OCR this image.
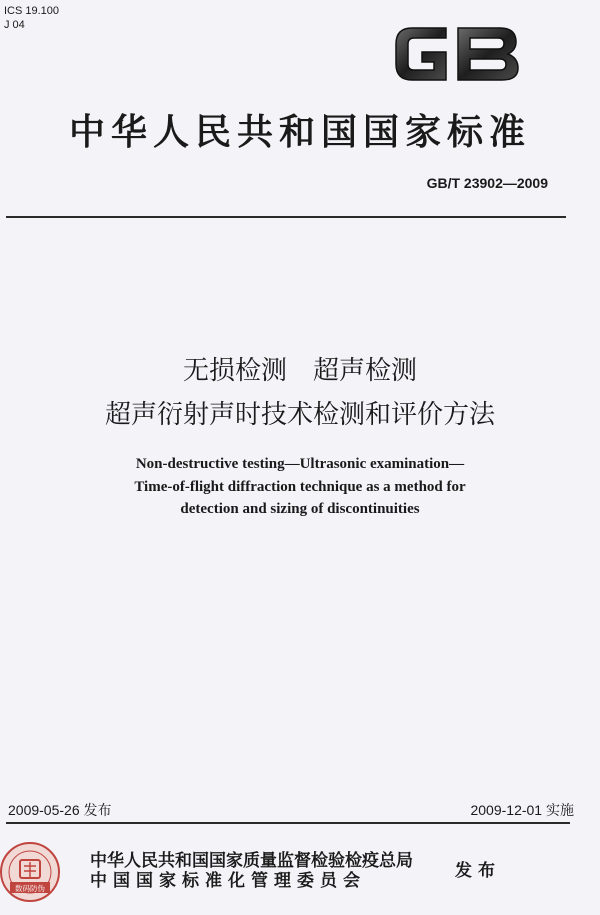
ICS 19.100
J 04
GB
中华人民共和国国家标准
GB/T 23902—2009
无损检测　超声检测
超声衍射声时技术检测和评价方法
Non-destructive testing—Ultrasonic examination—
Time-of-flight diffraction technique as a method for
detection and sizing of discontinuities
2009-05-26 发布	2009-12-01 实施
数码防伪
中华人民共和国国家质量监督检验检疫总局
中国国家标准化管理委员会	发布
